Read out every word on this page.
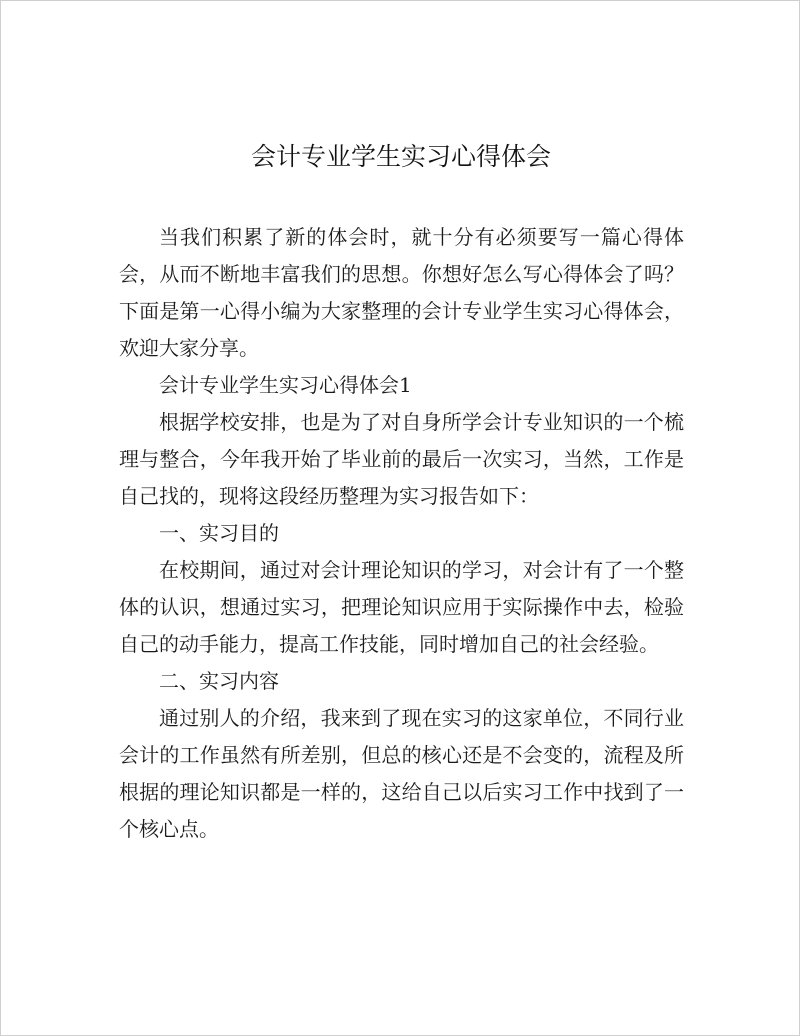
会计专业学生实习心得体会

当我们积累了新的体会时，就十分有必须要写一篇心得体会，从而不断地丰富我们的思想。你想好怎么写心得体会了吗？下面是第一心得小编为大家整理的会计专业学生实习心得体会，欢迎大家分享。

会计专业学生实习心得体会1

根据学校安排，也是为了对自身所学会计专业知识的一个梳理与整合，今年我开始了毕业前的最后一次实习，当然，工作是自己找的，现将这段经历整理为实习报告如下：

一、实习目的

在校期间，通过对会计理论知识的学习，对会计有了一个整体的认识，想通过实习，把理论知识应用于实际操作中去，检验自己的动手能力，提高工作技能，同时增加自己的社会经验。

二、实习内容

通过别人的介绍，我来到了现在实习的这家单位，不同行业会计的工作虽然有所差别，但总的核心还是不会变的，流程及所根据的理论知识都是一样的，这给自己以后实习工作中找到了一个核心点。
